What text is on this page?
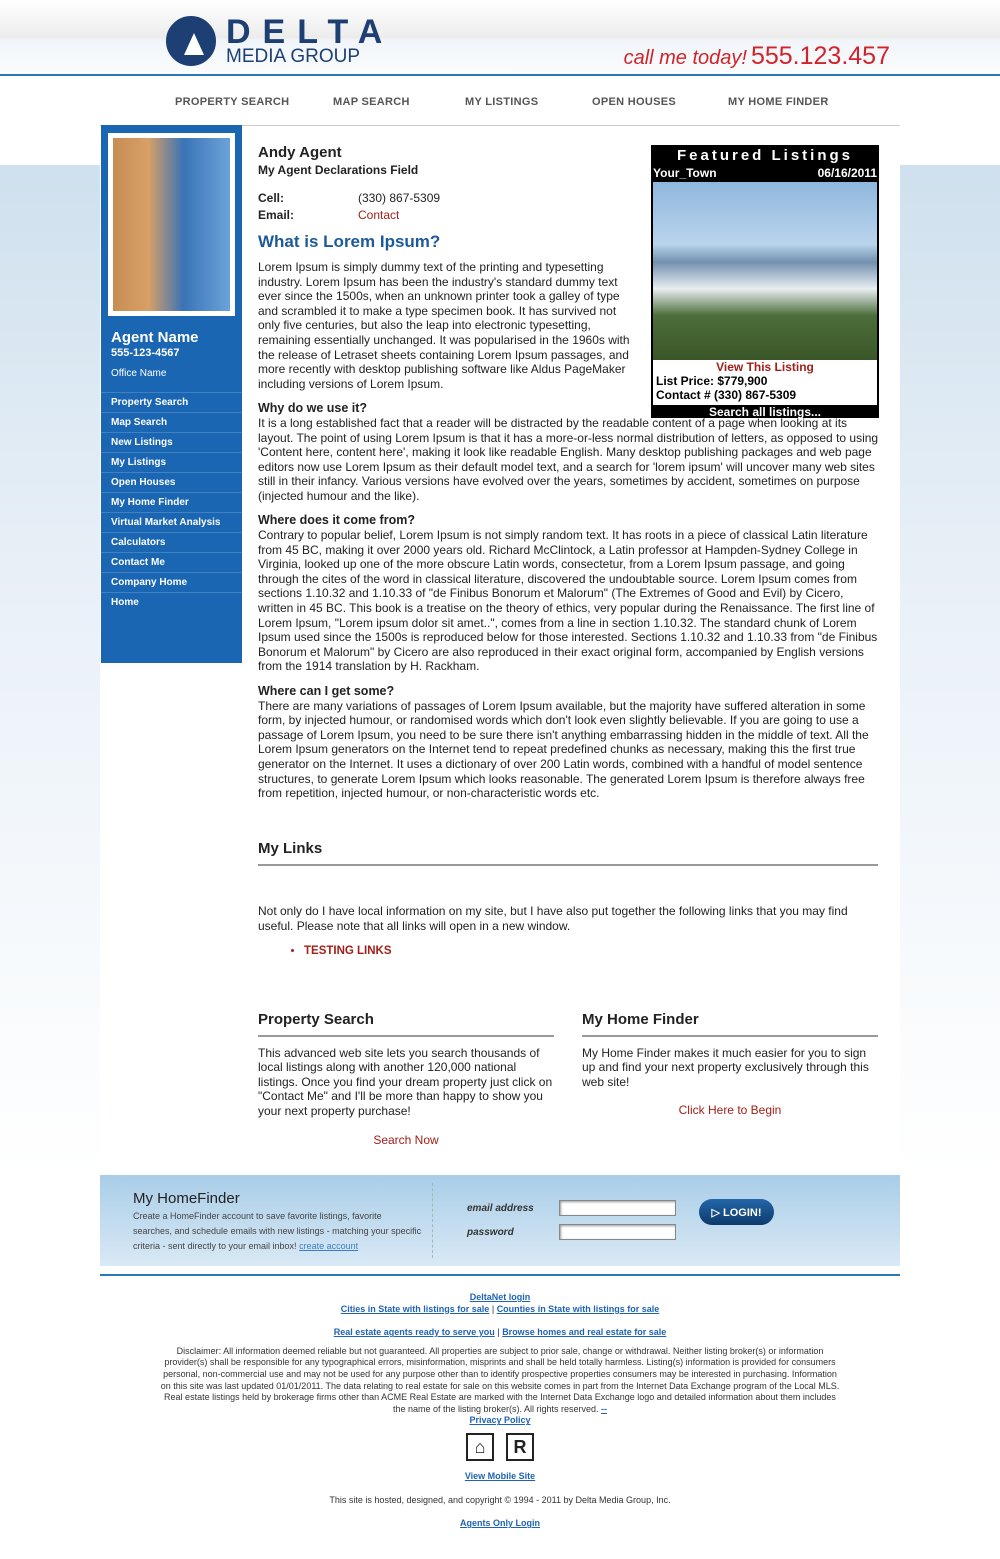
DELTA
MEDIA GROUP	call me today! 555.123.457
PROPERTY SEARCH	MAP SEARCH	MY LISTINGS	OPEN HOUSES	MY HOME FINDER
Agent Name
555-123-4567
Office Name
Property Search
Map Search
New Listings
My Listings
Open Houses
My Home Finder
Virtual Market Analysis
Calculators
Contact Me
Company Home
Home
Featured Listings
Your_Town	06/16/2011
View This Listing
List Price: $779,900
Contact # (330) 867-5309
Search all listings...
Andy Agent
My Agent Declarations Field
Cell:	(330) 867-5309
Email:	Contact
What is Lorem Ipsum?

Lorem Ipsum is simply dummy text of the printing and typesetting industry. Lorem Ipsum has been the industry's standard dummy text ever since the 1500s, when an unknown printer took a galley of type and scrambled it to make a type specimen book. It has survived not only five centuries, but also the leap into electronic typesetting, remaining essentially unchanged. It was popularised in the 1960s with the release of Letraset sheets containing Lorem Ipsum passages, and more recently with desktop publishing software like Aldus PageMaker including versions of Lorem Ipsum.

Why do we use it?

It is a long established fact that a reader will be distracted by the readable content of a page when looking at its layout. The point of using Lorem Ipsum is that it has a more-or-less normal distribution of letters, as opposed to using 'Content here, content here', making it look like readable English. Many desktop publishing packages and web page editors now use Lorem Ipsum as their default model text, and a search for 'lorem ipsum' will uncover many web sites still in their infancy. Various versions have evolved over the years, sometimes by accident, sometimes on purpose (injected humour and the like).

Where does it come from?

Contrary to popular belief, Lorem Ipsum is not simply random text. It has roots in a piece of classical Latin literature from 45 BC, making it over 2000 years old. Richard McClintock, a Latin professor at Hampden-Sydney College in Virginia, looked up one of the more obscure Latin words, consectetur, from a Lorem Ipsum passage, and going through the cites of the word in classical literature, discovered the undoubtable source. Lorem Ipsum comes from sections 1.10.32 and 1.10.33 of "de Finibus Bonorum et Malorum" (The Extremes of Good and Evil) by Cicero, written in 45 BC. This book is a treatise on the theory of ethics, very popular during the Renaissance. The first line of Lorem Ipsum, "Lorem ipsum dolor sit amet..", comes from a line in section 1.10.32. The standard chunk of Lorem Ipsum used since the 1500s is reproduced below for those interested. Sections 1.10.32 and 1.10.33 from "de Finibus Bonorum et Malorum" by Cicero are also reproduced in their exact original form, accompanied by English versions from the 1914 translation by H. Rackham.

Where can I get some?

There are many variations of passages of Lorem Ipsum available, but the majority have suffered alteration in some form, by injected humour, or randomised words which don't look even slightly believable. If you are going to use a passage of Lorem Ipsum, you need to be sure there isn't anything embarrassing hidden in the middle of text. All the Lorem Ipsum generators on the Internet tend to repeat predefined chunks as necessary, making this the first true generator on the Internet. It uses a dictionary of over 200 Latin words, combined with a handful of model sentence structures, to generate Lorem Ipsum which looks reasonable. The generated Lorem Ipsum is therefore always free from repetition, injected humour, or non-characteristic words etc.

My Links

Not only do I have local information on my site, but I have also put together the following links that you may find useful. Please note that all links will open in a new window.

• TESTING LINKS
Property Search

This advanced web site lets you search thousands of local listings along with another 120,000 national listings. Once you find your dream property just click on "Contact Me" and I'll be more than happy to show you your next property purchase!

Search Now
My Home Finder

My Home Finder makes it much easier for you to sign up and find your next property exclusively through this web site!

Click Here to Begin
My HomeFinder
Create a HomeFinder account to save favorite listings, favorite searches, and schedule emails with new listings - matching your specific criteria - sent directly to your email inbox! create account
email address
password
▷ LOGIN!
DeltaNet login
Cities in State with listings for sale | Counties in State with listings for sale
Real estate agents ready to serve you | Browse homes and real estate for sale
Disclaimer: All information deemed reliable but not guaranteed. All properties are subject to prior sale, change or withdrawal. Neither listing broker(s) or information provider(s) shall be responsible for any typographical errors, misinformation, misprints and shall be held totally harmless. Listing(s) information is provided for consumers personal, non-commercial use and may not be used for any purpose other than to identify prospective properties consumers may be interested in purchasing. Information on this site was last updated 01/01/2011. The data relating to real estate for sale on this website comes in part from the Internet Data Exchange program of the Local MLS. Real estate listings held by brokerage firms other than ACME Real Estate are marked with the Internet Data Exchange logo and detailed information about them includes the name of the listing broker(s). All rights reserved. --
Privacy Policy
⌂	R
View Mobile Site
This site is hosted, designed, and copyright © 1994 - 2011 by Delta Media Group, Inc.
Agents Only Login
